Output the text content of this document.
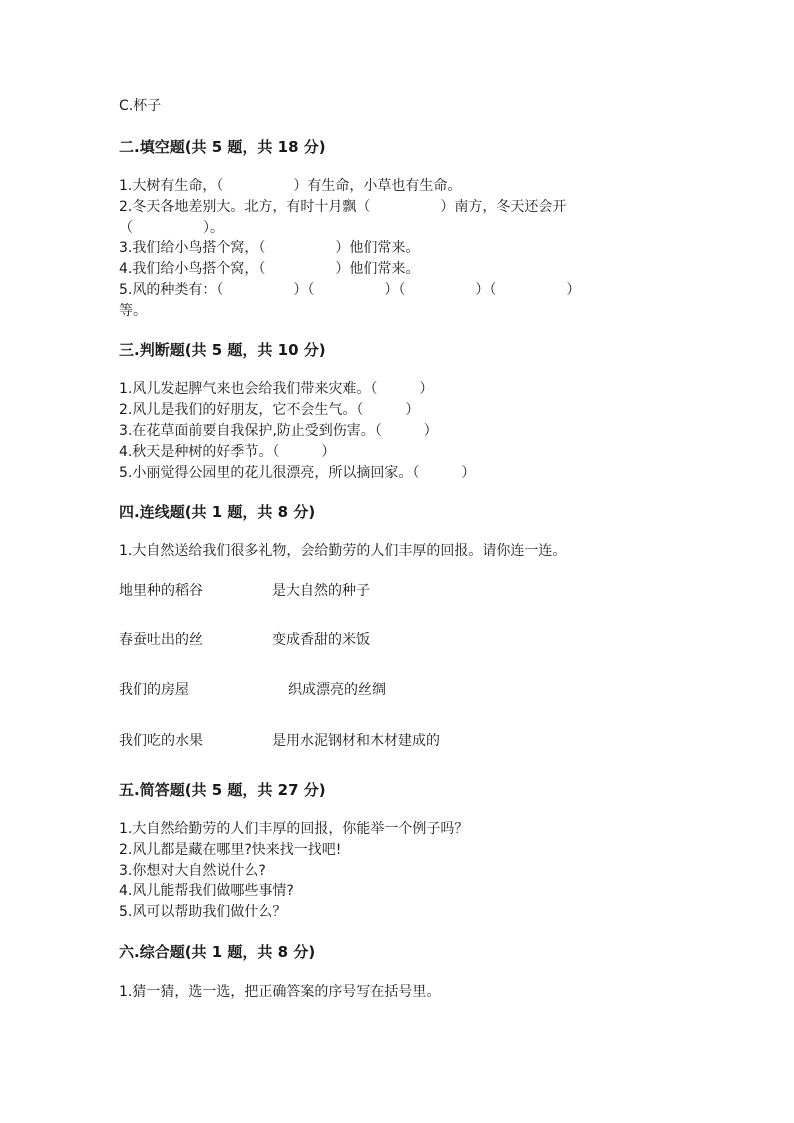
C.杯子

二.填空题(共 5 题，共 18 分)

1.大树有生命，（　　　　　）有生命，小草也有生命。

2.冬天各地差别大。北方，有时十月飘（　　　　　）南方，冬天还会开

（　　　　　）。

3.我们给小鸟搭个窝，（　　　　　）他们常来。

4.我们给小鸟搭个窝，（　　　　　）他们常来。

5.风的种类有：（　　　　　）（　　　　　）（　　　　　）（　　　　　）

等。

三.判断题(共 5 题，共 10 分)

1.风儿发起脾气来也会给我们带来灾难。（　　　）

2.风儿是我们的好朋友，它不会生气。（　　　）

3.在花草面前要自我保护,防止受到伤害。（　　　）

4.秋天是种树的好季节。（　　　）

5.小丽觉得公园里的花儿很漂亮，所以摘回家。（　　　）

四.连线题(共 1 题，共 8 分)

1.大自然送给我们很多礼物，会给勤劳的人们丰厚的回报。请你连一连。

地里种的稻谷	是大自然的种子

春蚕吐出的丝	变成香甜的米饭

我们的房屋	织成漂亮的丝绸

我们吃的水果	是用水泥钢材和木材建成的

五.简答题(共 5 题，共 27 分)

1.大自然给勤劳的人们丰厚的回报，你能举一个例子吗？

2.风儿都是藏在哪里?快来找一找吧!

3.你想对大自然说什么?

4.风儿能帮我们做哪些事情?

5.风可以帮助我们做什么？

六.综合题(共 1 题，共 8 分)

1.猜一猜，选一选，把正确答案的序号写在括号里。
